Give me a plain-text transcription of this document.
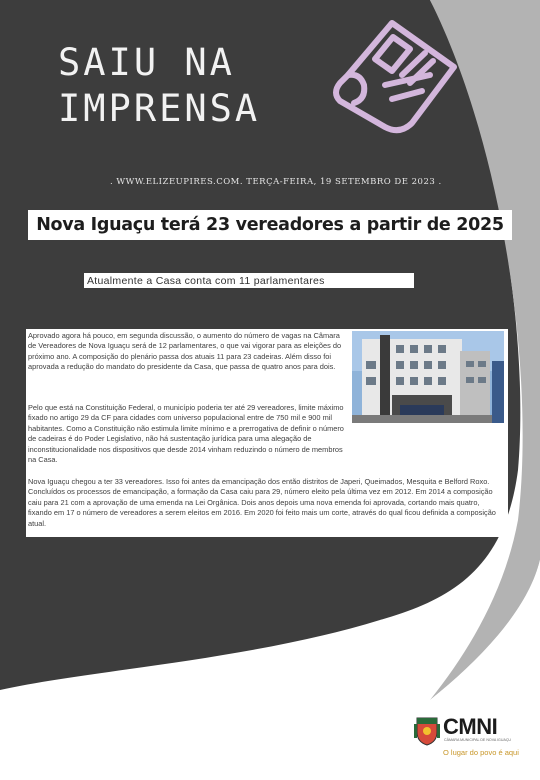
SAIU NA
IMPRENSA
. WWW.ELIZEUPIRES.COM. TERÇA-FEIRA, 19 SETEMBRO DE 2023 .
Nova Iguaçu terá 23 vereadores a partir de 2025
Atualmente a Casa conta com 11 parlamentares

Aprovado agora há pouco, em segunda discussão, o aumento do número de vagas na Câmara de Vereadores de Nova Iguaçu será de 12 parlamentares, o que vai vigorar para as eleições do próximo ano. A composição do plenário passa dos atuais 11 para 23 cadeiras. Além disso foi aprovada a redução do mandato do presidente da Casa, que passa de quatro anos para dois.

Pelo que está na Constituição Federal, o município poderia ter até 29 vereadores, limite máximo fixado no artigo 29 da CF para cidades com universo populacional entre de 750 mil e 900 mil habitantes. Como a Constituição não estimula limite mínimo e a prerrogativa de definir o número de cadeiras é do Poder Legislativo, não há sustentação jurídica para uma alegação de inconstitucionalidade nos dispositivos que desde 2014 vinham reduzindo o número de membros na Casa.

Nova Iguaçu chegou a ter 33 vereadores. Isso foi antes da emancipação dos então distritos de Japeri, Queimados, Mesquita e Belford Roxo. Concluídos os processos de emancipação, a formação da Casa caiu para 29, número eleito pela última vez em 2012. Em 2014 a composição caiu para 21 com a aprovação de uma emenda na Lei Orgânica. Dois anos depois uma nova emenda foi aprovada, cortando mais quatro, fixando em 17 o número de vereadores a serem eleitos em 2016. Em 2020 foi feito mais um corte, através do qual ficou definida a composição atual.

CMNI
CÂMARA MUNICIPAL DE NOVA IGUAÇU
O lugar do povo é aqui
